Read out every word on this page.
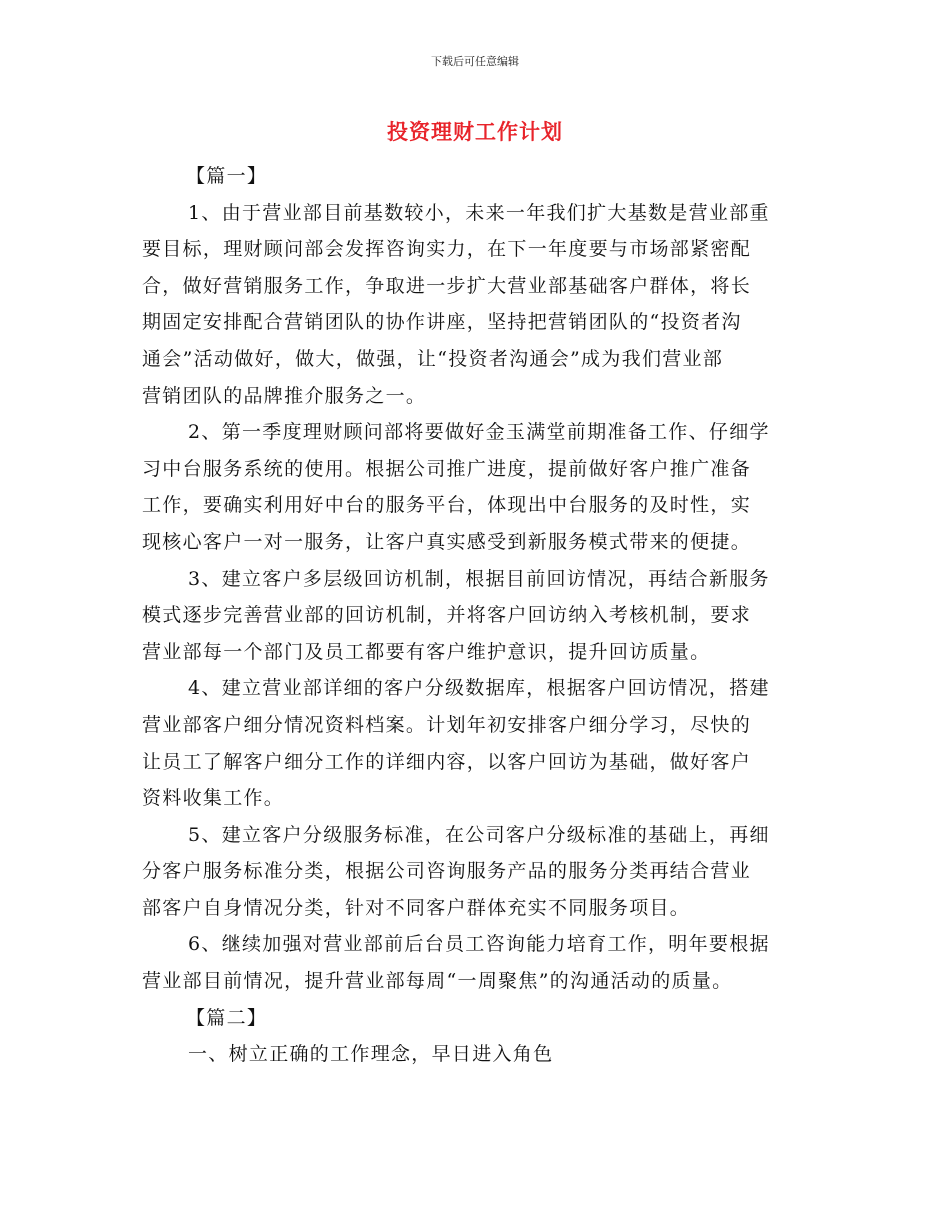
下载后可任意编辑
投资理财工作计划
【篇一】
1、由于营业部目前基数较小，未来一年我们扩大基数是营业部重
要目标，理财顾问部会发挥咨询实力，在下一年度要与市场部紧密配
合，做好营销服务工作，争取进一步扩大营业部基础客户群体，将长
期固定安排配合营销团队的协作讲座，坚持把营销团队的“投资者沟
通会”活动做好，做大，做强，让“投资者沟通会”成为我们营业部
营销团队的品牌推介服务之一。
2、第一季度理财顾问部将要做好金玉满堂前期准备工作、仔细学
习中台服务系统的使用。根据公司推广进度，提前做好客户推广准备
工作，要确实利用好中台的服务平台，体现出中台服务的及时性，实
现核心客户一对一服务，让客户真实感受到新服务模式带来的便捷。
3、建立客户多层级回访机制，根据目前回访情况，再结合新服务
模式逐步完善营业部的回访机制，并将客户回访纳入考核机制，要求
营业部每一个部门及员工都要有客户维护意识，提升回访质量。
4、建立营业部详细的客户分级数据库，根据客户回访情况，搭建
营业部客户细分情况资料档案。计划年初安排客户细分学习，尽快的
让员工了解客户细分工作的详细内容，以客户回访为基础，做好客户
资料收集工作。
5、建立客户分级服务标准，在公司客户分级标准的基础上，再细
分客户服务标准分类，根据公司咨询服务产品的服务分类再结合营业
部客户自身情况分类，针对不同客户群体充实不同服务项目。
6、继续加强对营业部前后台员工咨询能力培育工作，明年要根据
营业部目前情况，提升营业部每周“一周聚焦”的沟通活动的质量。
【篇二】
一、树立正确的工作理念，早日进入角色
